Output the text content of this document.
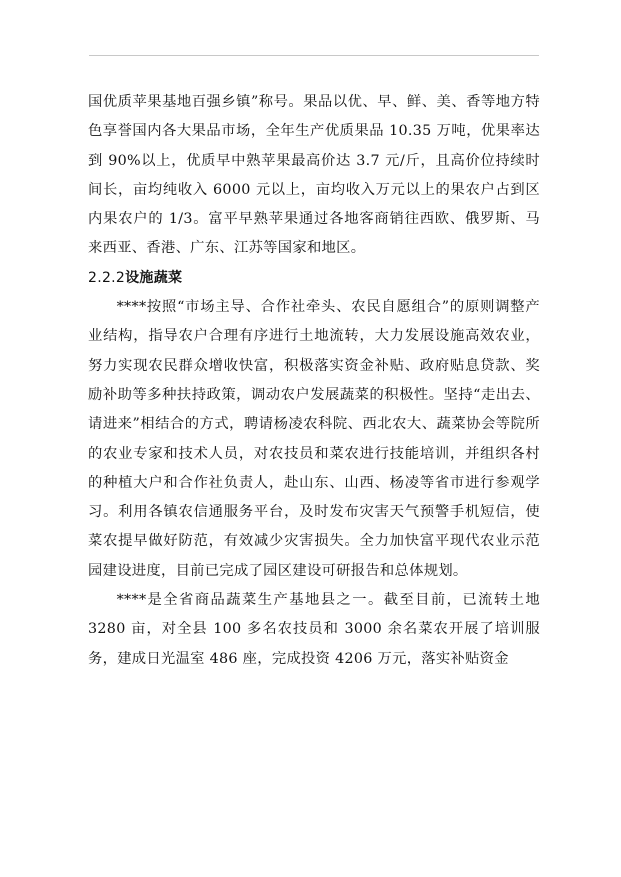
国优质苹果基地百强乡镇”称号。果品以优、早、鲜、美、香等地方特色享誉国内各大果品市场，全年生产优质果品 10.35 万吨，优果率达到 90%以上，优质早中熟苹果最高价达 3.7 元/斤，且高价位持续时间长，亩均纯收入 6000 元以上，亩均收入万元以上的果农户占到区内果农户的 1/3。富平早熟苹果通过各地客商销往西欧、俄罗斯、马来西亚、香港、广东、江苏等国家和地区。

2.2.2设施蔬菜

****按照“市场主导、合作社牵头、农民自愿组合”的原则调整产业结构，指导农户合理有序进行土地流转，大力发展设施高效农业，努力实现农民群众增收快富，积极落实资金补贴、政府贴息贷款、奖励补助等多种扶持政策，调动农户发展蔬菜的积极性。坚持“走出去、请进来”相结合的方式，聘请杨凌农科院、西北农大、蔬菜协会等院所的农业专家和技术人员，对农技员和菜农进行技能培训，并组织各村的种植大户和合作社负责人，赴山东、山西、杨凌等省市进行参观学习。利用各镇农信通服务平台，及时发布灾害天气预警手机短信，使菜农提早做好防范，有效减少灾害损失。全力加快富平现代农业示范园建设进度，目前已完成了园区建设可研报告和总体规划。

****是全省商品蔬菜生产基地县之一。截至目前，已流转土地 3280 亩，对全县 100 多名农技员和 3000 余名菜农开展了培训服务，建成日光温室 486 座，完成投资 4206 万元，落实补贴资金
